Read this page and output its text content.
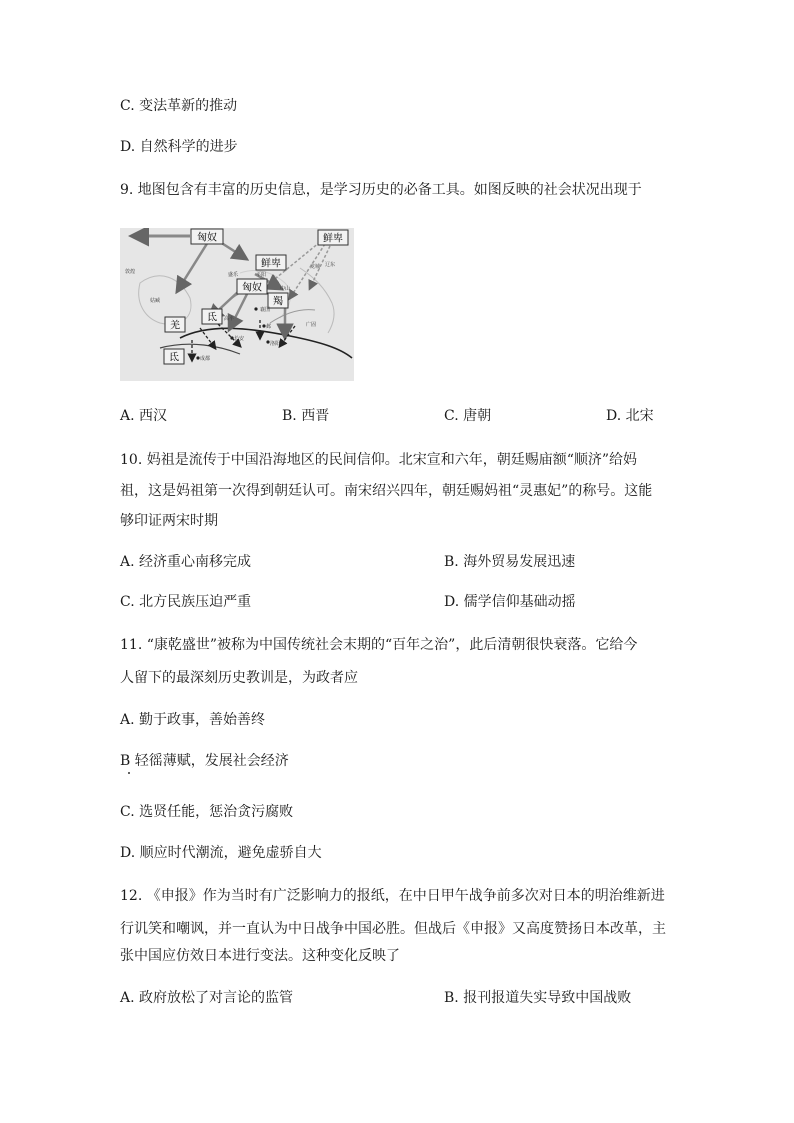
C. 变法革新的推动
D. 自然科学的进步
9. 地图包含有丰富的历史信息，是学习历史的必备工具。如图反映的社会状况出现于
匈奴	鲜卑
鲜卑
匈奴
羯
氐
羌
氐
敦煌
姑臧
盛乐	平阳
中山
龙城 辽东
襄国
邺	广固
高平
长安
洛阳
成都
A. 西汉	B. 西晋	C. 唐朝	D. 北宋
10. 妈祖是流传于中国沿海地区的民间信仰。北宋宣和六年，朝廷赐庙额“顺济”给妈
祖，这是妈祖第一次得到朝廷认可。南宋绍兴四年，朝廷赐妈祖“灵惠妃”的称号。这能
够印证两宋时期
A. 经济重心南移完成	B. 海外贸易发展迅速
C. 北方民族压迫严重	D. 儒学信仰基础动摇
11. “康乾盛世”被称为中国传统社会末期的“百年之治”，此后清朝很快衰落。它给今
人留下的最深刻历史教训是，为政者应
A. 勤于政事，善始善终
B 轻徭薄赋，发展社会经济
C. 选贤任能，惩治贪污腐败
D. 顺应时代潮流，避免虚骄自大
12. 《申报》作为当时有广泛影响力的报纸，在中日甲午战争前多次对日本的明治维新进
行讥笑和嘲讽，并一直认为中日战争中国必胜。但战后《申报》又高度赞扬日本改革，主
张中国应仿效日本进行变法。这种变化反映了
A. 政府放松了对言论的监管	B. 报刊报道失实导致中国战败
